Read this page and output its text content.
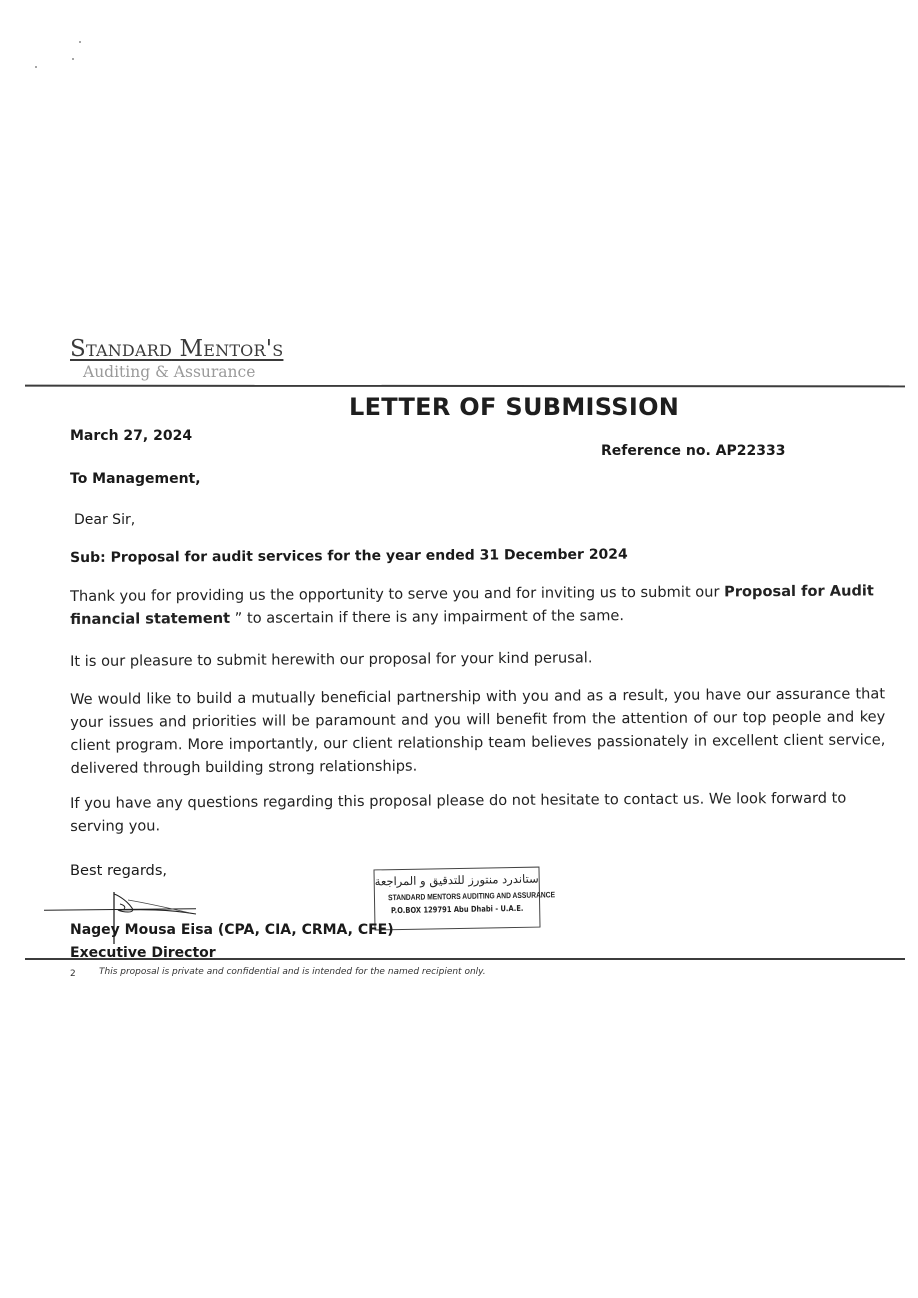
Standard Mentor's
Auditing & Assurance
LETTER OF SUBMISSION
March 27, 2024
Reference no. AP22333
To Management,
Dear Sir,
Sub: Proposal for audit services for the year ended 31 December 2024
Thank you for providing us the opportunity to serve you and for inviting us to submit our Proposal for Audit financial statement ” to ascertain if there is any impairment of the same.
It is our pleasure to submit herewith our proposal for your kind perusal.
We would like to build a mutually beneficial partnership with you and as a result, you have our assurance that your issues and priorities will be paramount and you will benefit from the attention of our top people and key client program. More importantly, our client relationship team believes passionately in excellent client service, delivered through building strong relationships.
If you have any questions regarding this proposal please do not hesitate to contact us. We look forward to serving you.
Best regards,
ستاندرد منتورز للتدقيق و المراجعة
STANDARD MENTORS AUDITING AND ASSURANCE
P.O.BOX 129791 Abu Dhabi - U.A.E.
Nagey Mousa Eisa (CPA, CIA, CRMA, CFE)
Executive Director
2	This proposal is private and confidential and is intended for the named recipient only.
